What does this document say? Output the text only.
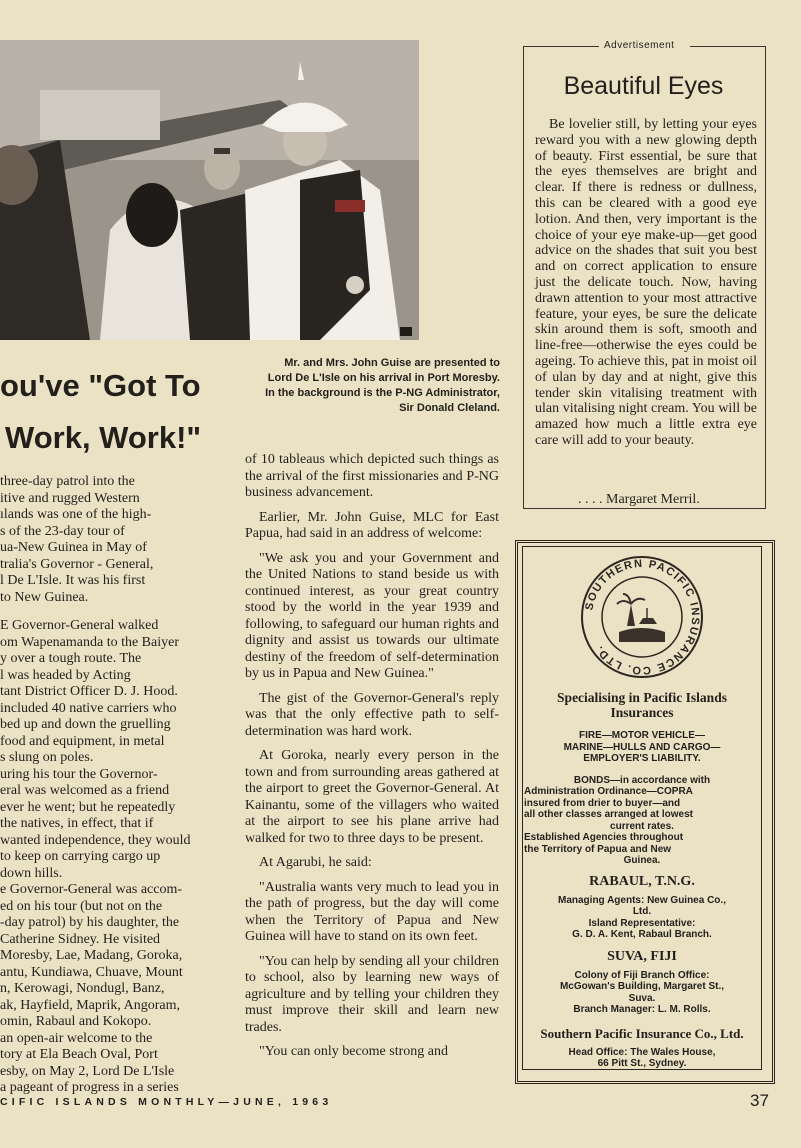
Mr. and Mrs. John Guise are presented to Lord De L'Isle on his arrival in Port Moresby. In the background is the P-NG Administrator, Sir Donald Cleland.
ou've "Got To
Work, Work!"

three-day patrol into the

itive and rugged Western

ılands was one of the high-

s of the 23-day tour of

ua-New Guinea in May of

tralia's Governor - General,

l De L'Isle. It was his first

to New Guinea.

E Governor-General walked

om Wapenamanda to the Baiyer

y over a tough route. The

l was headed by Acting

tant District Officer D. J. Hood.

included 40 native carriers who

bed up and down the gruelling

food and equipment, in metal

s slung on poles.

uring his tour the Governor-

eral was welcomed as a friend

ever he went; but he repeatedly

the natives, in effect, that if

wanted independence, they would

to keep on carrying cargo up

down hills.

e Governor-General was accom-

ed on his tour (but not on the

-day patrol) by his daughter, the

Catherine Sidney. He visited

Moresby, Lae, Madang, Goroka,

antu, Kundiawa, Chuave, Mount

n, Kerowagi, Nondugl, Banz,

ak, Hayfield, Maprik, Angoram,

omin, Rabaul and Kokopo.

an open-air welcome to the

tory at Ela Beach Oval, Port

esby, on May 2, Lord De L'Isle

a pageant of progress in a series

of 10 tableaus which depicted such things as the arrival of the first missionaries and P-NG business advancement.

Earlier, Mr. John Guise, MLC for East Papua, had said in an address of welcome:

"We ask you and your Government and the United Nations to stand beside us with continued interest, as your great country stood by the world in the year 1939 and following, to safeguard our human rights and dignity and assist us towards our ultimate destiny of the freedom of self-determination by us in Papua and New Guinea."

The gist of the Governor-General's reply was that the only effective path to self-determination was hard work.

At Goroka, nearly every person in the town and from surrounding areas gathered at the airport to greet the Governor-General. At Kainantu, some of the villagers who waited at the airport to see his plane arrive had walked for two to three days to be present.

At Agarubi, he said:

"Australia wants very much to lead you in the path of progress, but the day will come when the Territory of Papua and New Guinea will have to stand on its own feet.

"You can help by sending all your children to school, also by learning new ways of agriculture and by telling your children they must improve their skill and learn new trades.

"You can only become strong and

Advertisement
Beautiful Eyes
Be lovelier still, by letting your eyes reward you with a new glowing depth of beauty. First essential, be sure that the eyes themselves are bright and clear. If there is redness or dullness, this can be cleared with a good eye lotion. And then, very important is the choice of your eye make-up—get good advice on the shades that suit you best and on correct application to ensure just the delicate touch. Now, having drawn attention to your most attractive feature, your eyes, be sure the delicate skin around them is soft, smooth and line-free—otherwise the eyes could be ageing. To achieve this, pat in moist oil of ulan by day and at night, give this tender skin vitalising treatment with ulan vitalising night cream. You will be amazed how much a little extra eye care will add to your beauty.
. . . . Margaret Merril.
SOUTHERN PACIFIC INSURANCE CO. LTD.
Specialising in Pacific Islands Insurances
FIRE—MOTOR VEHICLE—
MARINE—HULLS AND CARGO—
EMPLOYER'S LIABILITY.
BONDS—in accordance with
Administration Ordinance—COPRA
insured from drier to buyer—and
all other classes arranged at lowest
current rates.
Established Agencies throughout
the Territory of Papua and New
Guinea.
RABAUL, T.N.G.
Managing Agents: New Guinea Co.,
Ltd.
Island Representative:
G. D. A. Kent, Rabaul Branch.
SUVA, FIJI
Colony of Fiji Branch Office:
McGowan's Building, Margaret St.,
Suva.
Branch Manager: L. M. Rolls.
Southern Pacific Insurance Co., Ltd.
Head Office: The Wales House,
66 Pitt St., Sydney.
CIFIC ISLANDS MONTHLY—JUNE, 1963	37
